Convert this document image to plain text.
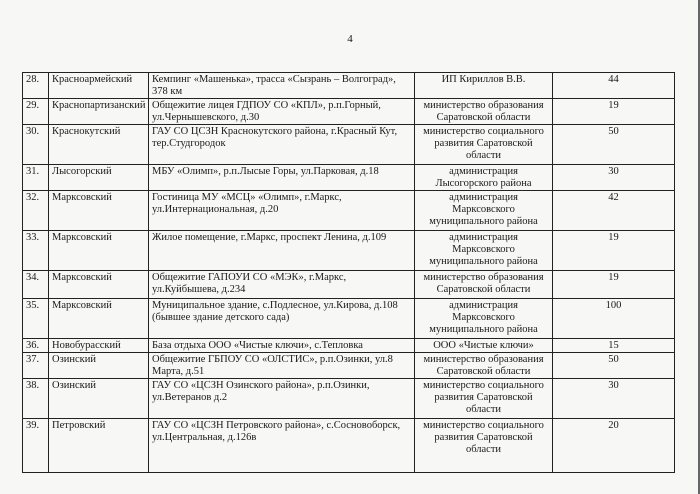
4
28.	Красноармейский	Кемпинг «Машенька», трасса «Сызрань – Волгоград», 378 км	ИП Кириллов В.В.	44
29.	Краснопартизанский	Общежитие лицея ГДПОУ СО «КПЛ», р.п.Горный, ул.Чернышевского, д.30	министерство образования Саратовской области	19
30.	Краснокутский	ГАУ СО ЦСЗН Краснокутского района, г.Красный Кут, тер.Студгородок	министерство социального развития Саратовской области	50
31.	Лысогорский	МБУ «Олимп», р.п.Лысые Горы, ул.Парковая, д.18	администрация Лысогорского района	30
32.	Марксовский	Гостиница МУ «МСЦ» «Олимп», г.Маркс, ул.Интернациональная, д.20	администрация Марксовского муниципального района	42
33.	Марксовский	Жилое помещение, г.Маркс, проспект Ленина, д.109	администрация Марксовского муниципального района	19
34.	Марксовский	Общежитие ГАПОУИ СО «МЭК», г.Маркс, ул.Куйбышева, д.234	министерство образования Саратовской области	19
35.	Марксовский	Муниципальное здание, с.Подлесное, ул.Кирова, д.108 (бывшее здание детского сада)	администрация Марксовского муниципального района	100
36.	Новобурасский	База отдыха ООО «Чистые ключи», с.Тепловка	ООО «Чистые ключи»	15
37.	Озинский	Общежитие ГБПОУ СО «ОЛСТИС», р.п.Озинки, ул.8 Марта, д.51	министерство образования Саратовской области	50
38.	Озинский	ГАУ СО «ЦСЗН Озинского района», р.п.Озинки, ул.Ветеранов д.2	министерство социального развития Саратовской области	30
39.	Петровский	ГАУ СО «ЦСЗН Петровского района», с.Сосновоборск, ул.Центральная, д.126в	министерство социального развития Саратовской области	20
